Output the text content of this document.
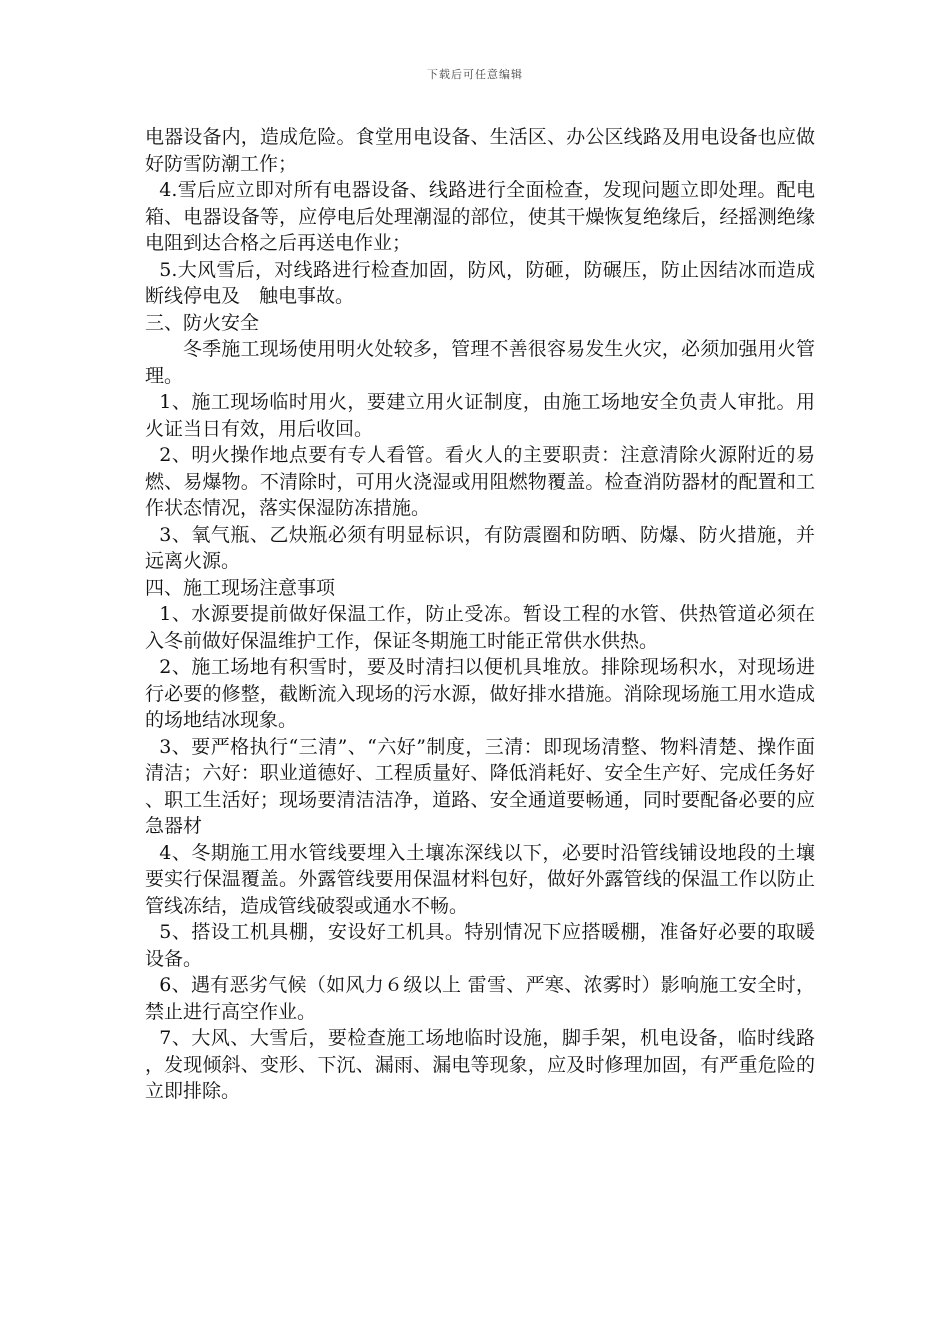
下载后可任意编辑

电器设备内，造成危险。食堂用电设备、生活区、办公区线路及用电设备也应做好防雪防潮工作；

4.雪后应立即对所有电器设备、线路进行全面检查，发现问题立即处理。配电箱、电器设备等，应停电后处理潮湿的部位，使其干燥恢复绝缘后，经摇测绝缘电阻到达合格之后再送电作业；

5.大风雪后，对线路进行检查加固，防风，防砸，防碾压，防止因结冰而造成断线停电及　触电事故。

三、防火安全

冬季施工现场使用明火处较多，管理不善很容易发生火灾，必须加强用火管理。

1、施工现场临时用火，要建立用火证制度，由施工场地安全负责人审批。用火证当日有效，用后收回。

2、明火操作地点要有专人看管。看火人的主要职责：注意清除火源附近的易燃、易爆物。不清除时，可用火浇湿或用阻燃物覆盖。检查消防器材的配置和工作状态情况，落实保湿防冻措施。

3、氧气瓶、乙炔瓶必须有明显标识，有防震圈和防晒、防爆、防火措施，并远离火源。

四、施工现场注意事项

1、水源要提前做好保温工作，防止受冻。暂设工程的水管、供热管道必须在入冬前做好保温维护工作，保证冬期施工时能正常供水供热。

2、施工场地有积雪时，要及时清扫以便机具堆放。排除现场积水，对现场进行必要的修整，截断流入现场的污水源，做好排水措施。消除现场施工用水造成的场地结冰现象。

3、要严格执行“三清”、“六好”制度，三清：即现场清整、物料清楚、操作面清洁；六好：职业道德好、工程质量好、降低消耗好、安全生产好、完成任务好、职工生活好；现场要清洁洁净，道路、安全通道要畅通，同时要配备必要的应急器材

4、冬期施工用水管线要埋入土壤冻深线以下，必要时沿管线铺设地段的土壤要实行保温覆盖。外露管线要用保温材料包好，做好外露管线的保温工作以防止管线冻结，造成管线破裂或通水不畅。

5、搭设工机具棚，安设好工机具。特别情况下应搭暖棚，准备好必要的取暖设备。

6、遇有恶劣气候（如风力６级以上 雷雪、严寒、浓雾时）影响施工安全时，禁止进行高空作业。

7、大风、大雪后，要检查施工场地临时设施，脚手架，机电设备，临时线路，发现倾斜、变形、下沉、漏雨、漏电等现象，应及时修理加固，有严重危险的立即排除。
